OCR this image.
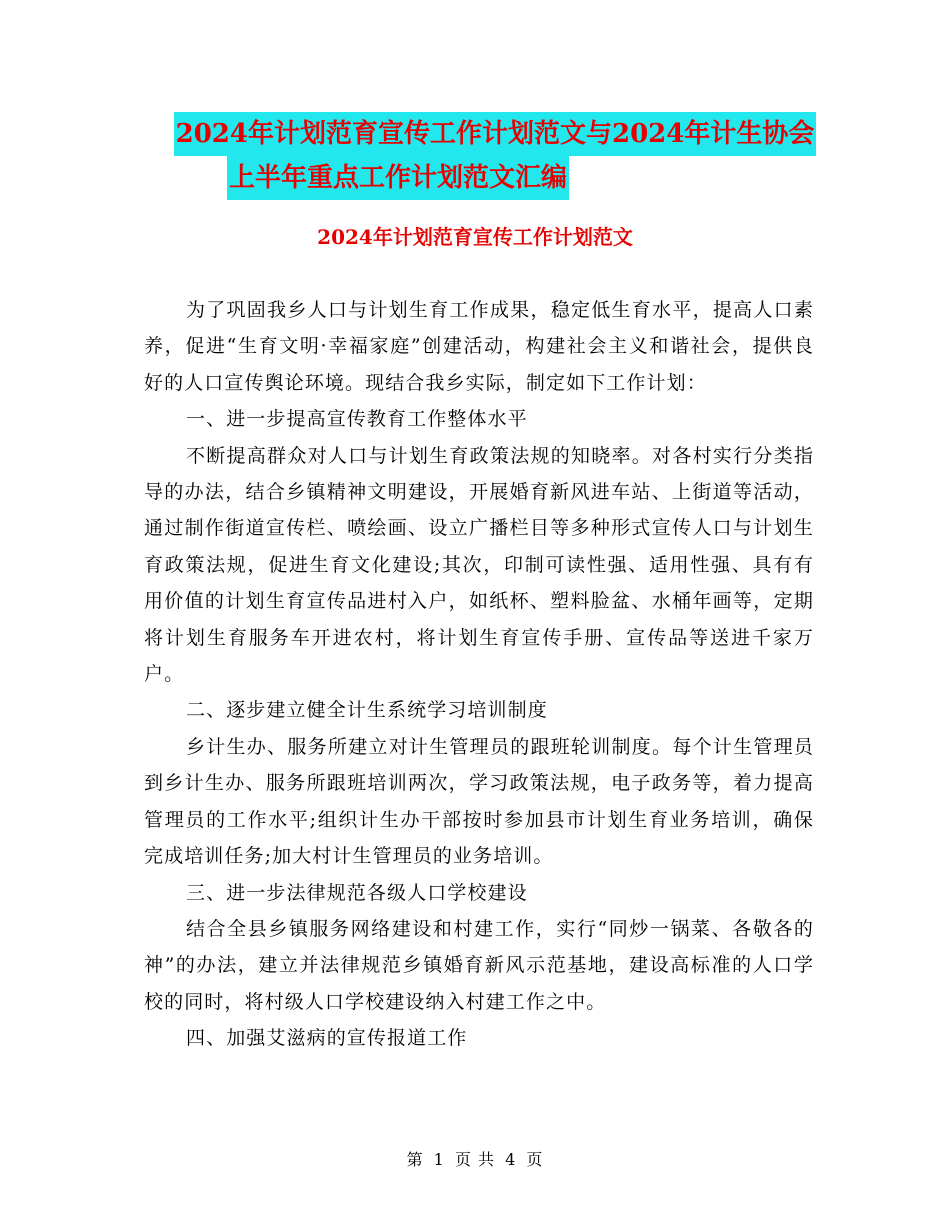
2024年计划范育宣传工作计划范文与2024年计生协会
上半年重点工作计划范文汇编
2024年计划范育宣传工作计划范文

为了巩固我乡人口与计划生育工作成果，稳定低生育水平，提高人口素养，促进“生育文明·幸福家庭”创建活动，构建社会主义和谐社会，提供良好的人口宣传舆论环境。现结合我乡实际，制定如下工作计划：

一、进一步提高宣传教育工作整体水平

不断提高群众对人口与计划生育政策法规的知晓率。对各村实行分类指导的办法，结合乡镇精神文明建设，开展婚育新风进车站、上街道等活动，通过制作街道宣传栏、喷绘画、设立广播栏目等多种形式宣传人口与计划生育政策法规，促进生育文化建设;其次，印制可读性强、适用性强、具有有用价值的计划生育宣传品进村入户，如纸杯、塑料脸盆、水桶年画等，定期将计划生育服务车开进农村，将计划生育宣传手册、宣传品等送进千家万户。

二、逐步建立健全计生系统学习培训制度

乡计生办、服务所建立对计生管理员的跟班轮训制度。每个计生管理员到乡计生办、服务所跟班培训两次，学习政策法规，电子政务等，着力提高管理员的工作水平;组织计生办干部按时参加县市计划生育业务培训，确保完成培训任务;加大村计生管理员的业务培训。

三、进一步法律规范各级人口学校建设

结合全县乡镇服务网络建设和村建工作，实行“同炒一锅菜、各敬各的神”的办法，建立并法律规范乡镇婚育新风示范基地，建设高标准的人口学校的同时，将村级人口学校建设纳入村建工作之中。

四、加强艾滋病的宣传报道工作

第 1 页 共 4 页
